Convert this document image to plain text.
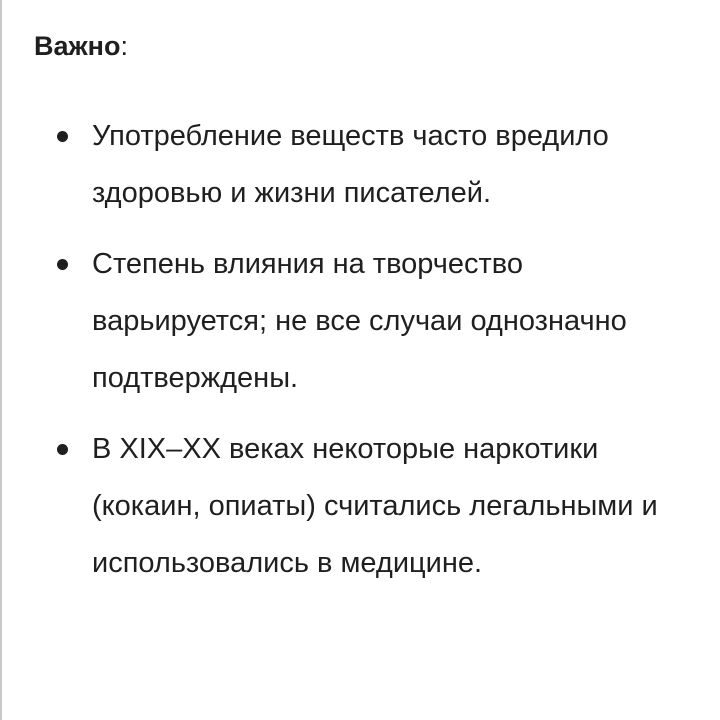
Важно:

Употребление веществ часто вредило здоровью и жизни писателей.
Степень влияния на творчество варьируется; не все случаи однозначно подтверждены.
В XIX–XX веках некоторые наркотики (кокаин, опиаты) считались легальными и использовались в медицине.
